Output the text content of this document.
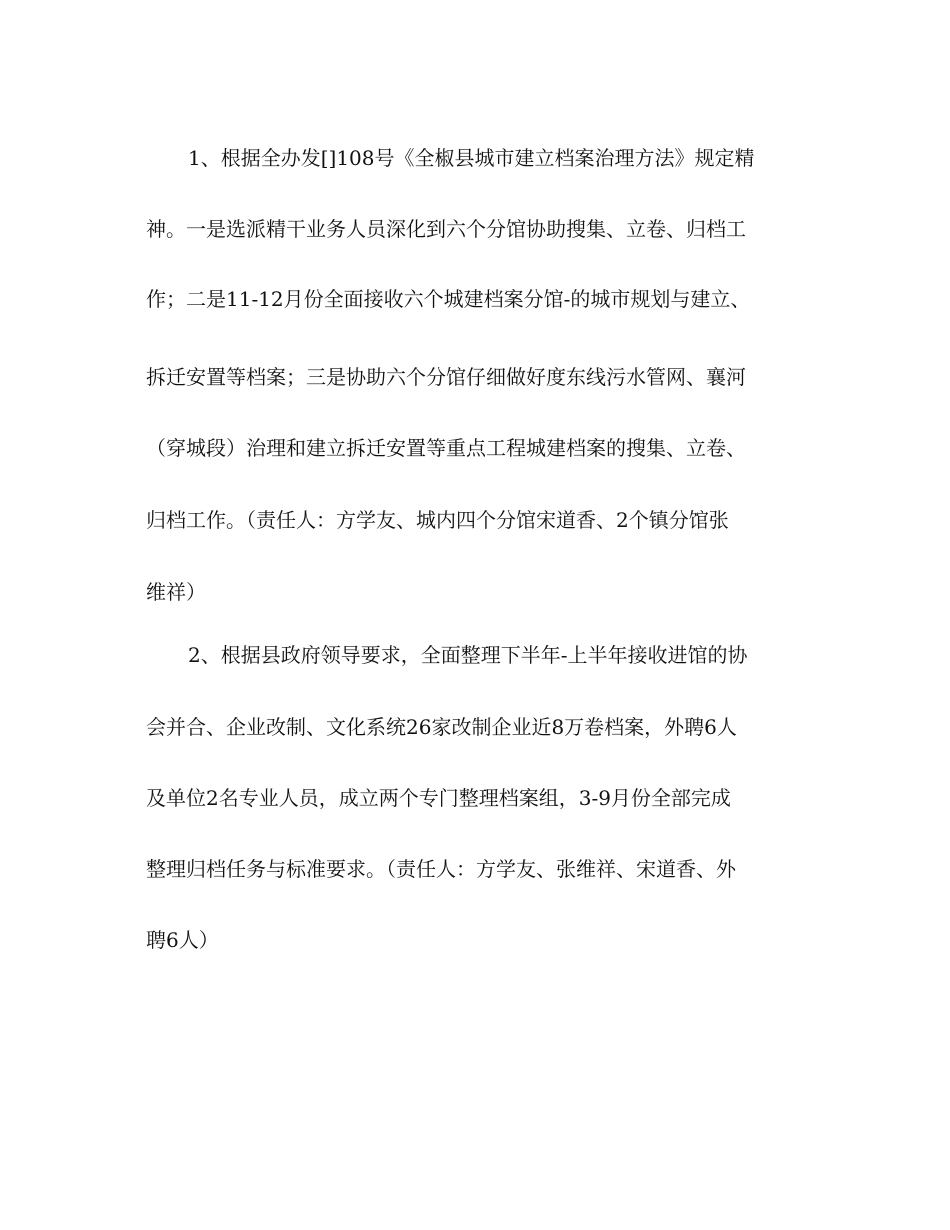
1、根据全办发[]108号《全椒县城市建立档案治理方法》规定精
神。一是选派精干业务人员深化到六个分馆协助搜集、立卷、归档工
作；二是11-12月份全面接收六个城建档案分馆-的城市规划与建立、
拆迁安置等档案；三是协助六个分馆仔细做好度东线污水管网、襄河
（穿城段）治理和建立拆迁安置等重点工程城建档案的搜集、立卷、
归档工作。（责任人：方学友、城内四个分馆宋道香、2个镇分馆张
维祥）
2、根据县政府领导要求，全面整理下半年-上半年接收进馆的协
会并合、企业改制、文化系统26家改制企业近8万卷档案，外聘6人
及单位2名专业人员，成立两个专门整理档案组，3-9月份全部完成
整理归档任务与标准要求。（责任人：方学友、张维祥、宋道香、外
聘6人）
